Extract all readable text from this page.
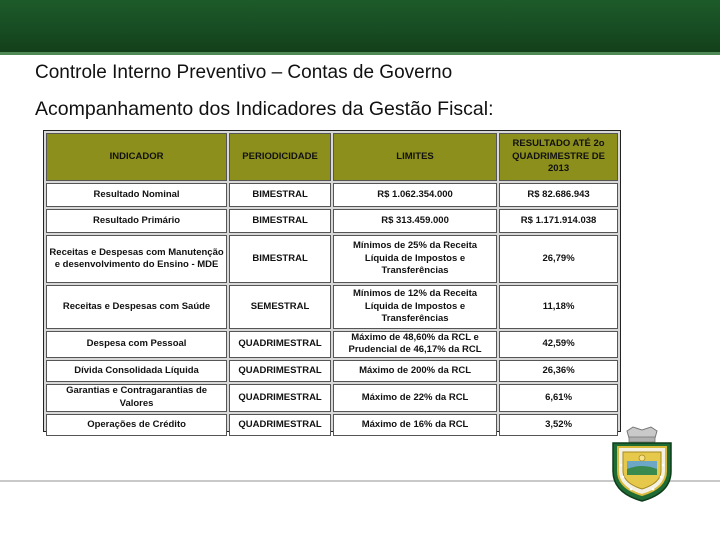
Controle Interno Preventivo – Contas de Governo
Acompanhamento dos Indicadores da Gestão Fiscal:
INDICADOR	PERIODICIDADE	LIMITES	RESULTADO ATÉ 2o QUADRIMESTRE DE 2013
Resultado Nominal	BIMESTRAL	R$ 1.062.354.000	R$ 82.686.943
Resultado Primário	BIMESTRAL	R$ 313.459.000	R$ 1.171.914.038
Receitas e Despesas com Manutenção e desenvolvimento do Ensino - MDE	BIMESTRAL	Mínimos de 25% da Receita Líquida de Impostos e Transferências	26,79%
Receitas e Despesas com Saúde	SEMESTRAL	Mínimos de 12% da Receita Líquida de Impostos e Transferências	11,18%
Despesa com Pessoal	QUADRIMESTRAL	Máximo de 48,60% da RCL e Prudencial de 46,17% da RCL	42,59%
Dívida Consolidada Líquida	QUADRIMESTRAL	Máximo de 200% da RCL	26,36%
Garantias e Contragarantias de Valores	QUADRIMESTRAL	Máximo de 22% da RCL	6,61%
Operações de Crédito	QUADRIMESTRAL	Máximo de 16% da RCL	3,52%
